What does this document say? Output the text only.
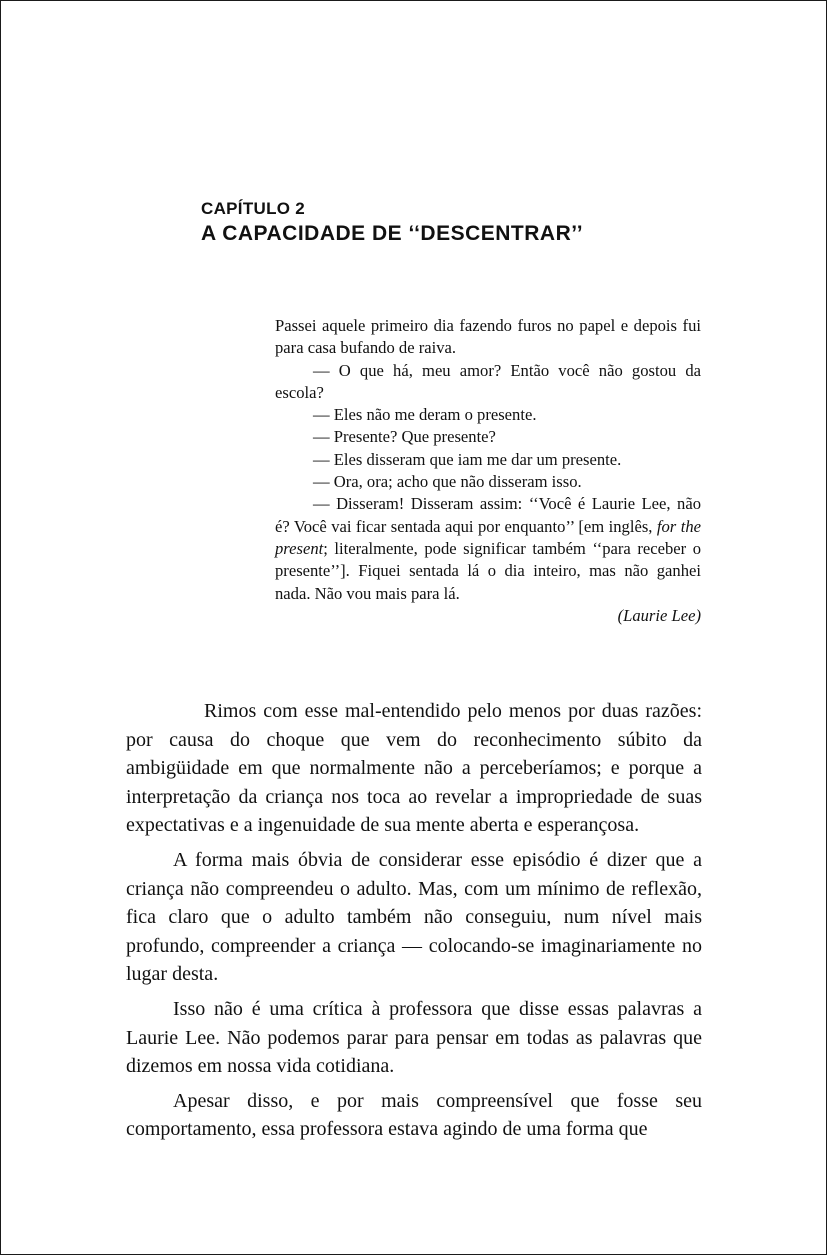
CAPÍTULO 2
A CAPACIDADE DE ‘‘DESCENTRAR’’

Passei aquele primeiro dia fazendo furos no papel e depois fui para casa bufando de raiva.

— O que há, meu amor? Então você não gostou da escola?

— Eles não me deram o presente.

— Presente? Que presente?

— Eles disseram que iam me dar um presente.

— Ora, ora; acho que não disseram isso.

— Disseram! Disseram assim: ‘‘Você é Laurie Lee, não é? Você vai ficar sentada aqui por enquanto’’ [em inglês, for the present; literalmente, pode significar também ‘‘para receber o presente’’]. Fiquei sentada lá o dia inteiro, mas não ganhei nada. Não vou mais para lá.

(Laurie Lee)

Rimos com esse mal-entendido pelo menos por duas razões: por causa do choque que vem do reconhecimento súbito da ambigüidade em que normalmente não a perceberíamos; e porque a interpretação da criança nos toca ao revelar a impropriedade de suas expectativas e a ingenuidade de sua mente aberta e esperançosa.

A forma mais óbvia de considerar esse episódio é dizer que a criança não compreendeu o adulto. Mas, com um mínimo de reflexão, fica claro que o adulto também não conseguiu, num nível mais profundo, compreender a criança — colocando-se imaginariamente no lugar desta.

Isso não é uma crítica à professora que disse essas palavras a Laurie Lee. Não podemos parar para pensar em todas as palavras que dizemos em nossa vida cotidiana.

Apesar disso, e por mais compreensível que fosse seu comportamento, essa professora estava agindo de uma forma que
